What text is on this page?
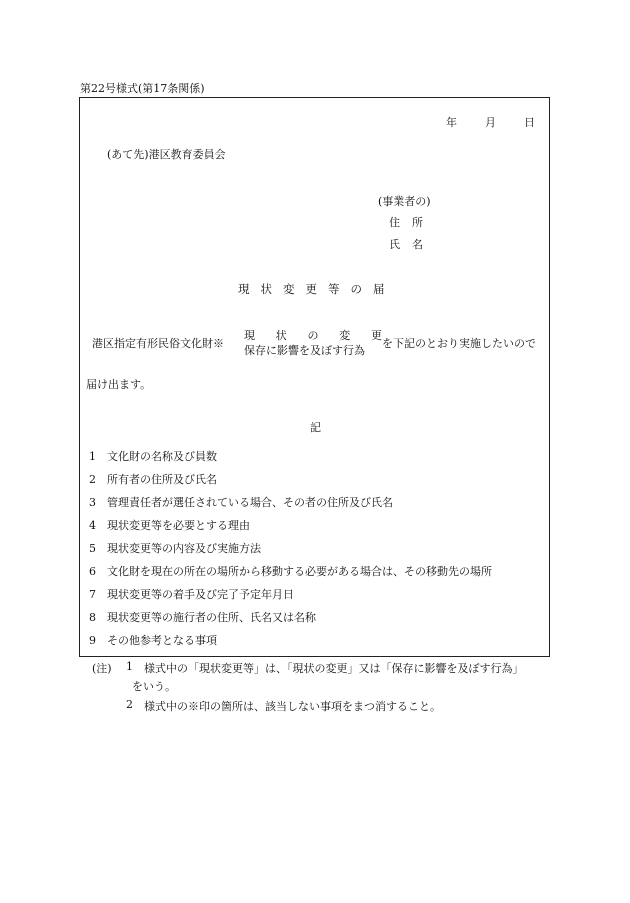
第22号様式(第17条関係)
年	月	日
(あて先)港区教育委員会
(事業者の)
住所
氏名
現状変更等の届
港区指定有形民俗文化財※
現 状 の 変 更
保存に影響を及ぼす行為
を下記のとおり実施したいので
届け出ます。
記
1 文化財の名称及び員数
2 所有者の住所及び氏名
3 管理責任者が選任されている場合、その者の住所及び氏名
4 現状変更等を必要とする理由
5 現状変更等の内容及び実施方法
6 文化財を現在の所在の場所から移動する必要がある場合は、その移動先の場所
7 現状変更等の着手及び完了予定年月日
8 現状変更等の施行者の住所、氏名又は名称
9 その他参考となる事項
(注) 1 様式中の「現状変更等」は、「現状の変更」又は「保存に影響を及ぼす行為」
をいう。
2 様式中の※印の箇所は、該当しない事項をまつ消すること。
